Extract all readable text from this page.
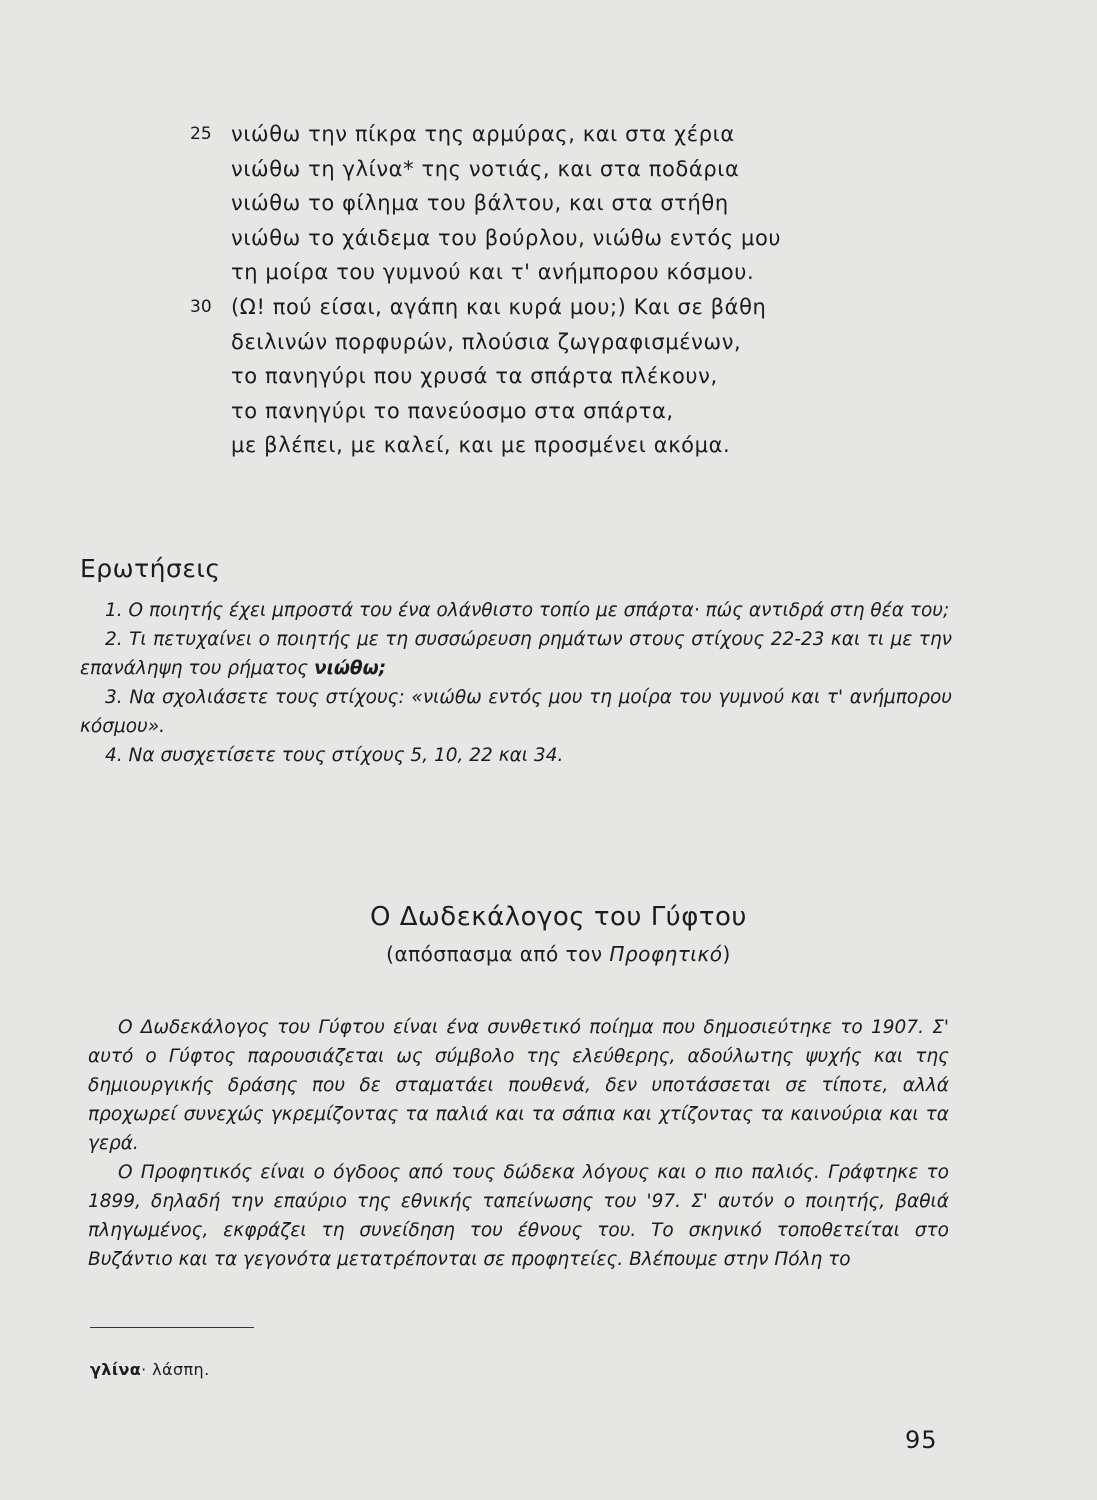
25 νιώθω την πίκρα της αρμύρας, και στα χέρια
νιώθω τη γλίνα* της νοτιάς, και στα ποδάρια
νιώθω το φίλημα του βάλτου, και στα στήθη
νιώθω το χάιδεμα του βούρλου, νιώθω εντός μου
τη μοίρα του γυμνού και τ' ανήμπορου κόσμου.
30 (Ω! πού είσαι, αγάπη και κυρά μου;) Και σε βάθη
δειλινών πορφυρών, πλούσια ζωγραφισμένων,
το πανηγύρι που χρυσά τα σπάρτα πλέκουν,
το πανηγύρι το πανεύοσμο στα σπάρτα,
με βλέπει, με καλεί, και με προσμένει ακόμα.
Ερωτήσεις

1. Ο ποιητής έχει μπροστά του ένα ολάνθιστο τοπίο με σπάρτα· πώς αντιδρά στη θέα του;

2. Τι πετυχαίνει ο ποιητής με τη συσσώρευση ρημάτων στους στίχους 22-23 και τι με την επανάληψη του ρήματος νιώθω;

3. Να σχολιάσετε τους στίχους: «νιώθω εντός μου τη μοίρα του γυμνού και τ' ανήμπορου κόσμου».

4. Να συσχετίσετε τους στίχους 5, 10, 22 και 34.

Ο Δωδεκάλογος του Γύφτου
(απόσπασμα από τον Προφητικό)

Ο Δωδεκάλογος του Γύφτου είναι ένα συνθετικό ποίημα που δημοσιεύτηκε το 1907. Σ' αυτό ο Γύφτος παρουσιάζεται ως σύμβολο της ελεύθερης, αδούλωτης ψυχής και της δημιουργικής δράσης που δε σταματάει πουθενά, δεν υποτάσσεται σε τίποτε, αλλά προχωρεί συνεχώς γκρεμίζοντας τα παλιά και τα σάπια και χτίζοντας τα καινούρια και τα γερά.

Ο Προφητικός είναι ο όγδοος από τους δώδεκα λόγους και ο πιο παλιός. Γράφτηκε το 1899, δηλαδή την επαύριο της εθνικής ταπείνωσης του '97. Σ' αυτόν ο ποιητής, βαθιά πληγωμένος, εκφράζει τη συνείδηση του έθνους του. Το σκηνικό τοποθετείται στο Βυζάντιο και τα γεγονότα μετατρέπονται σε προφητείες. Βλέπουμε στην Πόλη το

γλίνα· λάσπη.
95
